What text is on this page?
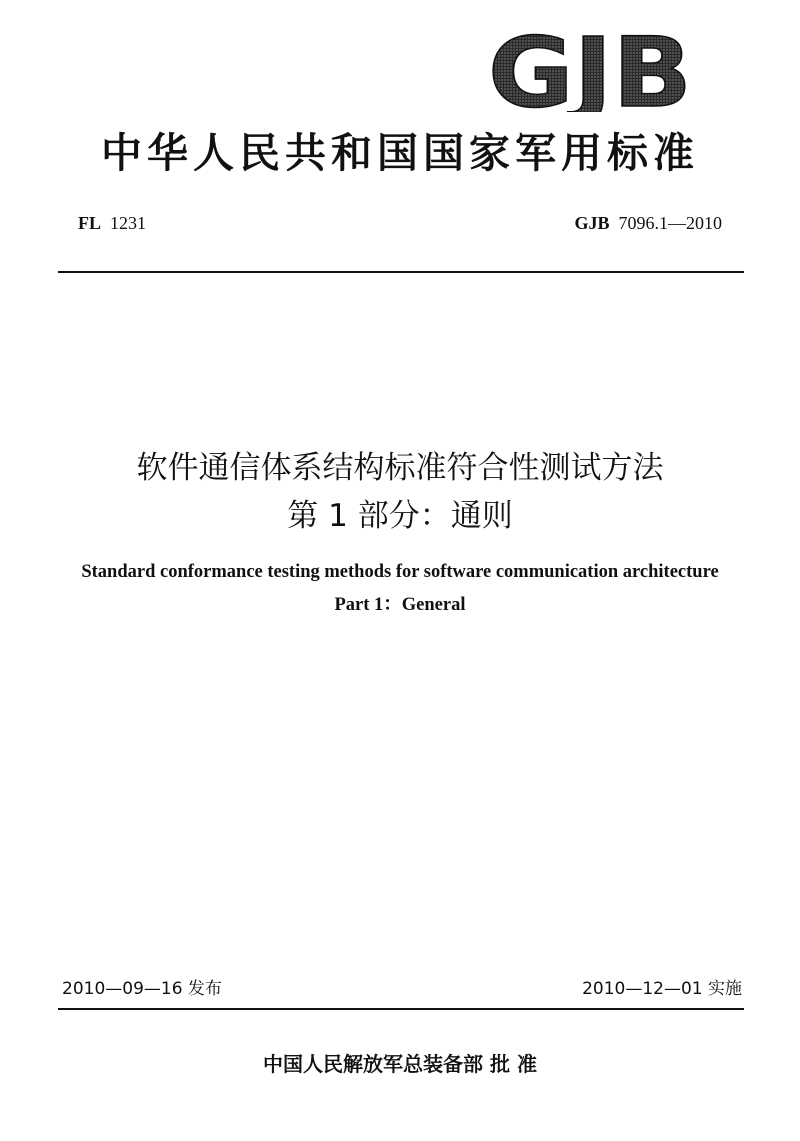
GJB
中华人民共和国国家军用标准
FL 1231	GJB 7096.1—2010
软件通信体系结构标准符合性测试方法
第 1 部分：通则
Standard conformance testing methods for software communication architecture
Part 1：General
2010—09—16 发布	2010—12—01 实施
中国人民解放军总装备部 批 准
